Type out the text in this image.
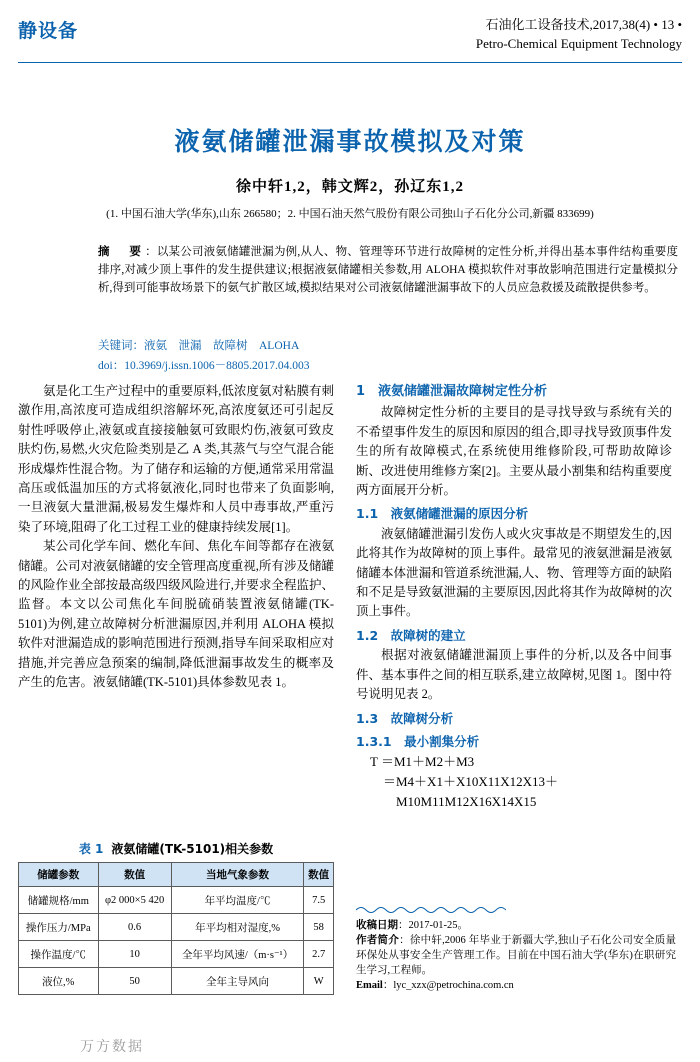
静设备	石油化工设备技术,2017,38(4) • 13 •
Petro-Chemical Equipment Technology
液氨储罐泄漏事故模拟及对策
徐中轩1,2，韩文辉2，孙辽东1,2
(1. 中国石油大学(华东),山东 266580；2. 中国石油天然气股份有限公司独山子石化分公司,新疆 833699)
摘　要：以某公司液氨储罐泄漏为例,从人、物、管理等环节进行故障树的定性分析,并得出基本事件结构重要度排序,对减少顶上事件的发生提供建议;根据液氨储罐相关参数,用 ALOHA 模拟软件对事故影响范围进行定量模拟分析,得到可能事故场景下的氨气扩散区域,模拟结果对公司液氨储罐泄漏事故下的人员应急救援及疏散提供参考。
关键词：液氨　泄漏　故障树　ALOHA
doi：10.3969/j.issn.1006－8805.2017.04.003

氨是化工生产过程中的重要原料,低浓度氨对粘膜有刺激作用,高浓度可造成组织溶解坏死,高浓度氨还可引起反射性呼吸停止,液氨或直接接触氨可致眼灼伤,液氨可致皮肤灼伤,易燃,火灾危险类别是乙 A 类,其蒸气与空气混合能形成爆炸性混合物。为了储存和运输的方便,通常采用常温高压或低温加压的方式将氨液化,同时也带来了负面影响,一旦液氨大量泄漏,极易发生爆炸和人员中毒事故,严重污染了环境,阻碍了化工过程工业的健康持续发展[1]。

某公司化学车间、燃化车间、焦化车间等都存在液氨储罐。公司对液氨储罐的安全管理高度重视,所有涉及储罐的风险作业全部按最高级四级风险进行,并要求全程监护、监督。本文以公司焦化车间脱硫硝装置液氨储罐(TK-5101)为例,建立故障树分析泄漏原因,并利用 ALOHA 模拟软件对泄漏造成的影响范围进行预测,指导车间采取相应对措施,并完善应急预案的编制,降低泄漏事故发生的概率及产生的危害。液氨储罐(TK-5101)具体参数见表 1。

1　液氨储罐泄漏故障树定性分析

故障树定性分析的主要目的是寻找导致与系统有关的不希望事件发生的原因和原因的组合,即寻找导致顶事件发生的所有故障模式,在系统使用维修阶段,可帮助故障诊断、改进使用维修方案[2]。主要从最小割集和结构重要度两方面展开分析。

1.1　液氨储罐泄漏的原因分析

液氨储罐泄漏引发伤人或火灾事故是不期望发生的,因此将其作为故障树的顶上事件。最常见的液氨泄漏是液氨储罐本体泄漏和管道系统泄漏,人、物、管理等方面的缺陷和不足是导致氨泄漏的主要原因,因此将其作为故障树的次顶上事件。

1.2　故障树的建立

根据对液氨储罐泄漏顶上事件的分析,以及各中间事件、基本事件之间的相互联系,建立故障树,见图 1。图中符号说明见表 2。

1.3　故障树分析
1.3.1　最小割集分析
T ＝M1＋M2＋M3
　＝M4＋X1＋X10X11X12X13＋
　　M10M11M12X16X14X15
表 1 液氨储罐(TK-5101)相关参数
储罐参数	数值	当地气象参数	数值
储罐规格/mm	φ2 000×5 420	年平均温度/℃	7.5
操作压力/MPa	0.6	年平均相对湿度,%	58
操作温度/℃	10	全年平均风速/（m·s⁻¹）	2.7
液位,%	50	全年主导风向	W
收稿日期：2017-01-25。
作者简介：徐中轩,2006 年毕业于新疆大学,独山子石化公司安全质量环保处从事安全生产管理工作。目前在中国石油大学(华东)在职研究生学习,工程师。
Email：lyc_xzx@petrochina.com.cn
万方数据
